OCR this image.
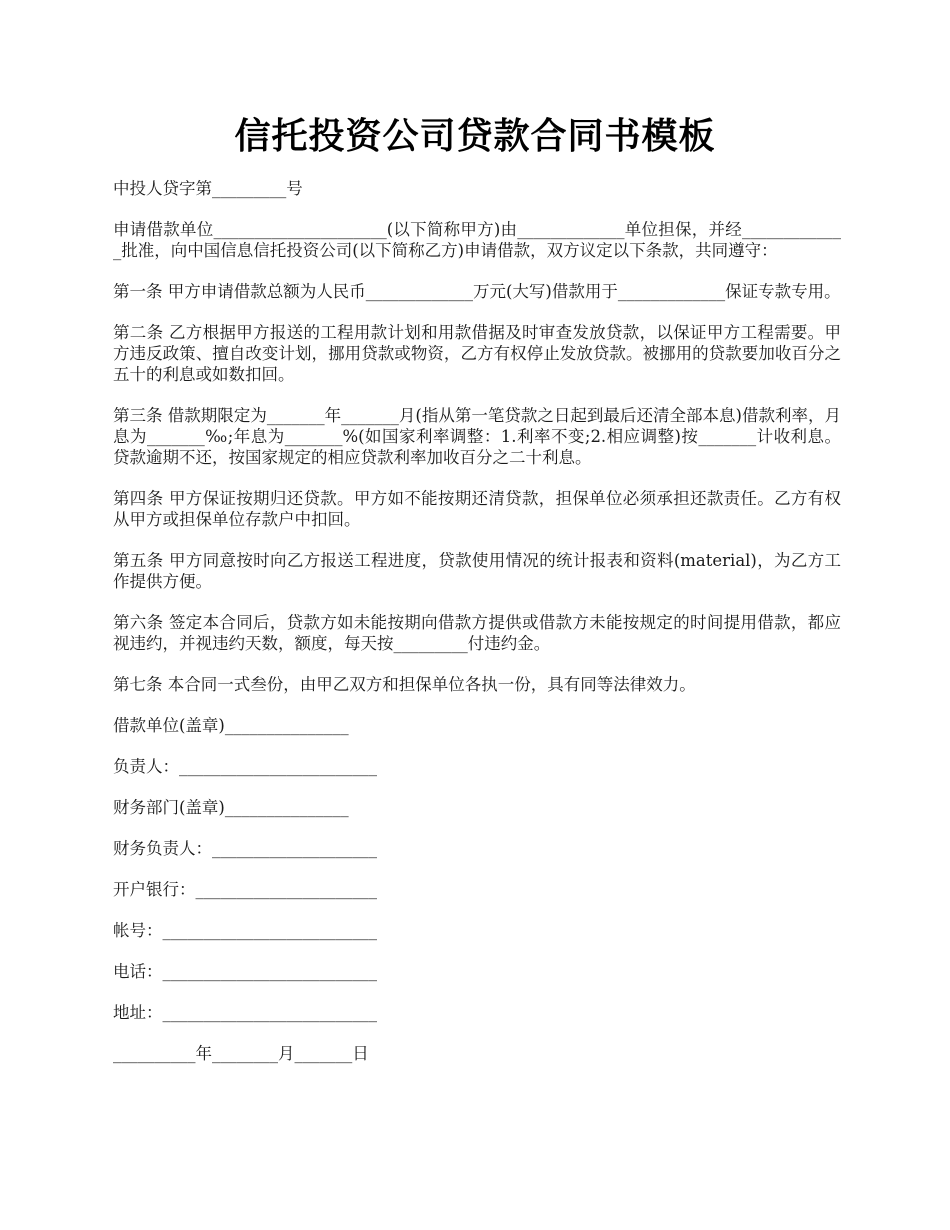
信托投资公司贷款合同书模板

中投人贷字第_________号

申请借款单位_____________________(以下简称甲方)由_____________单位担保，并经_____________批准，向中国信息信托投资公司(以下简称乙方)申请借款，双方议定以下条款，共同遵守：

第一条 甲方申请借款总额为人民币_____________万元(大写)借款用于_____________保证专款专用。

第二条 乙方根据甲方报送的工程用款计划和用款借据及时审查发放贷款，以保证甲方工程需要。甲方违反政策、擅自改变计划，挪用贷款或物资，乙方有权停止发放贷款。被挪用的贷款要加收百分之五十的利息或如数扣回。

第三条 借款期限定为_______年_______月(指从第一笔贷款之日起到最后还清全部本息)借款利率，月息为_______‰;年息为_______%(如国家利率调整：1.利率不变;2.相应调整)按_______计收利息。贷款逾期不还，按国家规定的相应贷款利率加收百分之二十利息。

第四条 甲方保证按期归还贷款。甲方如不能按期还清贷款，担保单位必须承担还款责任。乙方有权从甲方或担保单位存款户中扣回。

第五条 甲方同意按时向乙方报送工程进度，贷款使用情况的统计报表和资料(material)，为乙方工作提供方便。

第六条 签定本合同后，贷款方如未能按期向借款方提供或借款方未能按规定的时间提用借款，都应视违约，并视违约天数，额度，每天按_________付违约金。

第七条 本合同一式叁份，由甲乙双方和担保单位各执一份，具有同等法律效力。

借款单位(盖章)_______________

负责人：________________________

财务部门(盖章)_______________

财务负责人：____________________

开户银行：______________________

帐号：__________________________

电话：__________________________

地址：__________________________

__________年________月_______日
